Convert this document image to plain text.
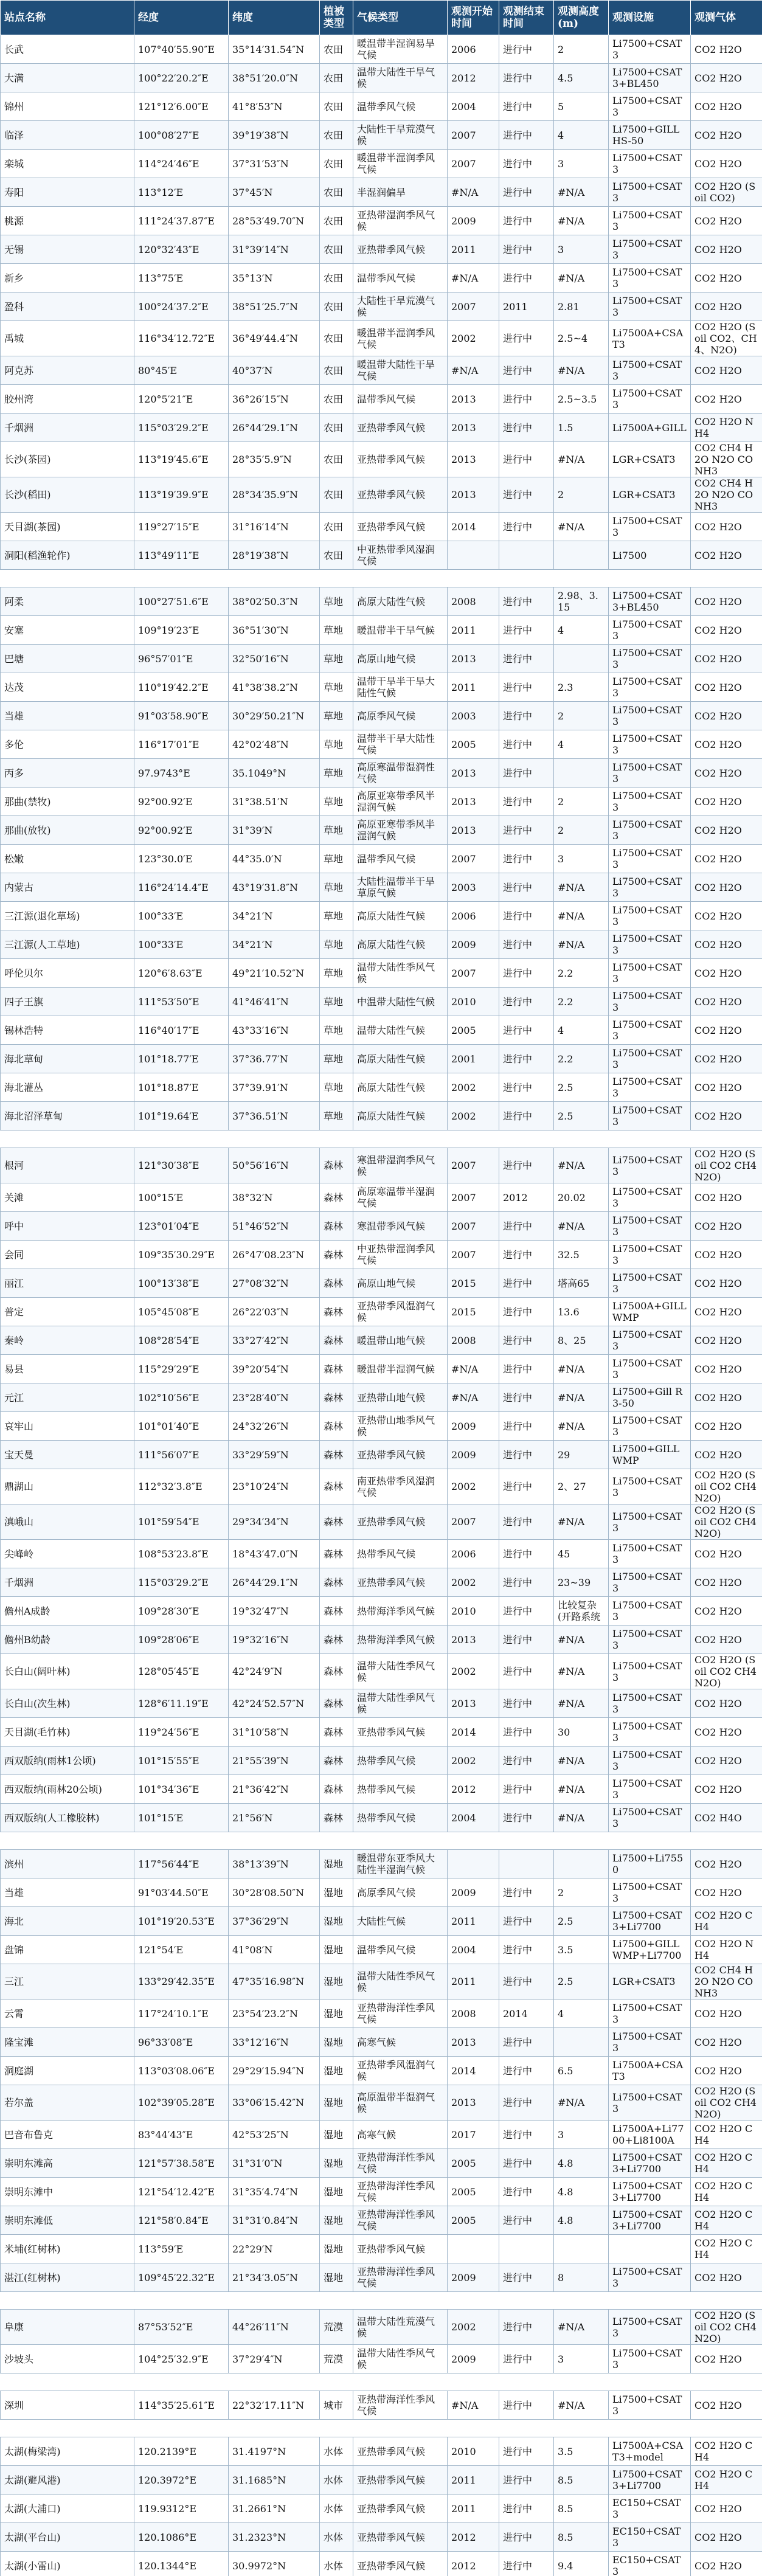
站点名称	经度	纬度	植被类型	气候类型	观测开始时间	观测结束时间	观测高度(m)	观测设施	观测气体
长武	107°40′55.90″E	35°14′31.54″N	农田	暖温带半湿润易旱气候	2006	进行中	2	Li7500+CSAT3	CO2 H2O
大满	100°22′20.2″E	38°51′20.0″N	农田	温带大陆性干旱气候	2012	进行中	4.5	Li7500+CSAT3+BL450	CO2 H2O
锦州	121°12′6.00″E	41°8′53″N	农田	温带季风气候	2004	进行中	5	Li7500+CSAT3	CO2 H2O
临泽	100°08′27″E	39°19′38″N	农田	大陆性干旱荒漠气候	2007	进行中	4	Li7500+GILL HS-50	CO2 H2O
栾城	114°24′46″E	37°31′53″N	农田	暖温带半湿润季风气候	2007	进行中	3	Li7500+CSAT3	CO2 H2O
寿阳	113°12′E	37°45′N	农田	半湿润偏旱	#N/A	进行中	#N/A	Li7500+CSAT3	CO2 H2O (Soil CO2)
桃源	111°24′37.87″E	28°53′49.70″N	农田	亚热带湿润季风气候	2009	进行中	#N/A	Li7500+CSAT3	CO2 H2O
无锡	120°32′43″E	31°39′14″N	农田	亚热带季风气候	2011	进行中	3	Li7500+CSAT3	CO2 H2O
新乡	113°75′E	35°13′N	农田	温带季风气候	#N/A	进行中	#N/A	Li7500+CSAT3	CO2 H2O
盈科	100°24′37.2″E	38°51′25.7″N	农田	大陆性干旱荒漠气候	2007	2011	2.81	Li7500+CSAT3	CO2 H2O
禹城	116°34′12.72″E	36°49′44.4″N	农田	暖温带半湿润季风气候	2002	进行中	2.5~4	Li7500A+CSAT3	CO2 H2O (Soil CO2、CH4、N2O)
阿克苏	80°45′E	40°37′N	农田	暖温带大陆性干旱气候	#N/A	进行中	#N/A	Li7500+CSAT3	CO2 H2O
胶州湾	120°5′21″E	36°26′15″N	农田	温带季风气候	2013	进行中	2.5~3.5	Li7500+CSAT3	CO2 H2O
千烟洲	115°03′29.2″E	26°44′29.1″N	农田	亚热带季风气候	2013	进行中	1.5	Li7500A+GILL	CO2 H2O NH4
长沙(茶园)	113°19′45.6″E	28°35′5.9″N	农田	亚热带季风气候	2013	进行中	#N/A	LGR+CSAT3	CO2 CH4 H2O N2O CO NH3
长沙(稻田)	113°19′39.9″E	28°34′35.9″N	农田	亚热带季风气候	2013	进行中	2	LGR+CSAT3	CO2 CH4 H2O N2O CO NH3
天目湖(茶园)	119°27′15″E	31°16′14″N	农田	亚热带季风气候	2014	进行中	#N/A	Li7500+CSAT3	CO2 H2O
洞阳(稻渔轮作)	113°49′11″E	28°19′38″N	农田	中亚热带季风湿润气候				Li7500	CO2 H2O

阿柔	100°27′51.6″E	38°02′50.3″N	草地	高原大陆性气候	2008	进行中	2.98、3.15	Li7500+CSAT3+BL450	CO2 H2O
安塞	109°19′23″E	36°51′30″N	草地	暖温带半干旱气候	2011	进行中	4	Li7500+CSAT3	CO2 H2O
巴塘	96°57′01″E	32°50′16″N	草地	高原山地气候	2013	进行中		Li7500+CSAT3	CO2 H2O
达茂	110°19′42.2″E	41°38′38.2″N	草地	温带干旱半干旱大陆性气候	2011	进行中	2.3	Li7500+CSAT3	CO2 H2O
当雄	91°03′58.90″E	30°29′50.21″N	草地	高原季风气候	2003	进行中	2	Li7500+CSAT3	CO2 H2O
多伦	116°17′01″E	42°02′48″N	草地	温带半干旱大陆性气候	2005	进行中	4	Li7500+CSAT3	CO2 H2O
丙多	97.9743°E	35.1049°N	草地	高原寒温带湿润性气候	2013	进行中		Li7500+CSAT3	CO2 H2O
那曲(禁牧)	92°00.92′E	31°38.51′N	草地	高原亚寒带季风半湿润气候	2013	进行中	2	Li7500+CSAT3	CO2 H2O
那曲(放牧)	92°00.92′E	31°39′N	草地	高原亚寒带季风半湿润气候	2013	进行中	2	Li7500+CSAT3	CO2 H2O
松嫩	123°30.0′E	44°35.0′N	草地	温带季风气候	2007	进行中	3	Li7500+CSAT3	CO2 H2O
内蒙古	116°24′14.4″E	43°19′31.8″N	草地	大陆性温带半干旱草原气候	2003	进行中	#N/A	Li7500+CSAT3	CO2 H2O
三江源(退化草场)	100°33′E	34°21′N	草地	高原大陆性气候	2006	进行中	#N/A	Li7500+CSAT3	CO2 H2O
三江源(人工草地)	100°33′E	34°21′N	草地	高原大陆性气候	2009	进行中	#N/A	Li7500+CSAT3	CO2 H2O
呼伦贝尔	120°6′8.63″E	49°21′10.52″N	草地	温带大陆性季风气候	2007	进行中	2.2	Li7500+CSAT3	CO2 H2O
四子王旗	111°53′50″E	41°46′41″N	草地	中温带大陆性气候	2010	进行中	2.2	Li7500+CSAT3	CO2 H2O
锡林浩特	116°40′17″E	43°33′16″N	草地	温带大陆性气候	2005	进行中	4	Li7500+CSAT3	CO2 H2O
海北草甸	101°18.77′E	37°36.77′N	草地	高原大陆性气候	2001	进行中	2.2	Li7500+CSAT3	CO2 H2O
海北灌丛	101°18.87′E	37°39.91′N	草地	高原大陆性气候	2002	进行中	2.5	Li7500+CSAT3	CO2 H2O
海北沼泽草甸	101°19.64′E	37°36.51′N	草地	高原大陆性气候	2002	进行中	2.5	Li7500+CSAT3	CO2 H2O

根河	121°30′38″E	50°56′16″N	森林	寒温带湿润季风气候	2007	进行中	#N/A	Li7500+CSAT3	CO2 H2O (Soil CO2 CH4 N2O)
关滩	100°15′E	38°32′N	森林	高原寒温带半湿润气候	2007	2012	20.02	Li7500+CSAT3	CO2 H2O
呼中	123°01′04″E	51°46′52″N	森林	寒温带季风气候	2007	进行中	#N/A	Li7500+CSAT3	CO2 H2O
会同	109°35′30.29″E	26°47′08.23″N	森林	中亚热带湿润季风气候	2007	进行中	32.5	Li7500+CSAT3	CO2 H2O
丽江	100°13′38″E	27°08′32″N	森林	高原山地气候	2015	进行中	塔高65	Li7500+CSAT3	CO2 H2O
普定	105°45′08″E	26°22′03″N	森林	亚热带季风湿润气候	2015	进行中	13.6	Li7500A+GILL WMP	CO2 H2O
秦岭	108°28′54″E	33°27′42″N	森林	暖温带山地气候	2008	进行中	8、25	Li7500+CSAT3	CO2 H2O
易县	115°29′29″E	39°20′54″N	森林	暖温带半湿润气候	#N/A	进行中	#N/A	Li7500+CSAT3	CO2 H2O
元江	102°10′56″E	23°28′40″N	森林	亚热带山地气候	#N/A	进行中	#N/A	Li7500+Gill R3-50	CO2 H2O
哀牢山	101°01′40″E	24°32′26″N	森林	亚热带山地季风气候	2009	进行中	#N/A	Li7500+CSAT3	CO2 H2O
宝天曼	111°56′07″E	33°29′59″N	森林	亚热带季风气候	2009	进行中	29	Li7500+GILL WMP	CO2 H2O
鼎湖山	112°32′3.8″E	23°10′24″N	森林	南亚热带季风湿润气候	2002	进行中	2、27	Li7500+CSAT3	CO2 H2O (Soil CO2 CH4 N2O)
滇峨山	101°59′54″E	29°34′34″N	森林	亚热带季风气候	2007	进行中	#N/A	Li7500+CSAT3	CO2 H2O (Soil CO2 CH4 N2O)
尖峰岭	108°53′23.8″E	18°43′47.0″N	森林	热带季风气候	2006	进行中	45	Li7500+CSAT3	CO2 H2O
千烟洲	115°03′29.2″E	26°44′29.1″N	森林	亚热带季风气候	2002	进行中	23~39	Li7500+CSAT3	CO2 H2O
儋州A成龄	109°28′30″E	19°32′47″N	森林	热带海洋季风气候	2010	进行中	比较复杂(开路系统	Li7500+CSAT3	CO2 H2O
儋州B幼龄	109°28′06″E	19°32′16″N	森林	热带海洋季风气候	2013	进行中	#N/A	Li7500+CSAT3	CO2 H2O
长白山(阔叶林)	128°05′45″E	42°24′9″N	森林	温带大陆性季风气候	2002	进行中	#N/A	Li7500+CSAT3	CO2 H2O (Soil CO2 CH4 N2O)
长白山(次生林)	128°6′11.19″E	42°24′52.57″N	森林	温带大陆性季风气候	2013	进行中	#N/A	Li7500+CSAT3	CO2 H2O
天目湖(毛竹林)	119°24′56″E	31°10′58″N	森林	亚热带季风气候	2014	进行中	30	Li7500+CSAT3	CO2 H2O
西双版纳(雨林1公顷)	101°15′55″E	21°55′39″N	森林	热带季风气候	2002	进行中	#N/A	Li7500+CSAT3	CO2 H2O
西双版纳(雨林20公顷)	101°34′36″E	21°36′42″N	森林	热带季风气候	2012	进行中	#N/A	Li7500+CSAT3	CO2 H2O
西双版纳(人工橡胶林)	101°15′E	21°56′N	森林	热带季风气候	2004	进行中	#N/A	Li7500+CSAT3	CO2 H4O

滨州	117°56′44″E	38°13′39″N	湿地	暖温带东亚季风大陆性半湿润气候				Li7500+Li7550	CO2 H2O
当雄	91°03′44.50″E	30°28′08.50″N	湿地	高原季风气候	2009	进行中	2	Li7500+CSAT3	CO2 H2O
海北	101°19′20.53″E	37°36′29″N	湿地	大陆性气候	2011	进行中	2.5	Li7500+CSAT3+Li7700	CO2 H2O CH4
盘锦	121°54′E	41°08′N	湿地	温带季风气候	2004	进行中	3.5	Li7500+GILL WMP+Li7700	CO2 H2O NH4
三江	133°29′42.35″E	47°35′16.98″N	湿地	温带大陆性季风气候	2011	进行中	2.5	LGR+CSAT3	CO2 CH4 H2O N2O CO NH3
云霄	117°24′10.1″E	23°54′23.2″N	湿地	亚热带海洋性季风气候	2008	2014	4	Li7500+CSAT3	CO2 H2O
隆宝滩	96°33′08″E	33°12′16″N	湿地	高寒气候	2013	进行中		Li7500+CSAT3	CO2 H2O
洞庭湖	113°03′08.06″E	29°29′15.94″N	湿地	亚热带季风湿润气候	2014	进行中	6.5	Li7500A+CSAT3	CO2 H2O
若尔盖	102°39′05.28″E	33°06′15.42″N	湿地	高原温带半湿润气候	2013	进行中	#N/A	Li7500+CSAT3	CO2 H2O (Soil CO2 CH4 N2O)
巴音布鲁克	83°44′43″E	42°53′25″N	湿地	高寒气候	2017	进行中	3	Li7500A+Li7700+Li8100A	CO2 H2O CH4
崇明东滩高	121°57′38.58″E	31°31′0″N	湿地	亚热带海洋性季风气候	2005	进行中	4.8	Li7500+CSAT3+Li7700	CO2 H2O CH4
崇明东滩中	121°54′12.42″E	31°35′4.74″N	湿地	亚热带海洋性季风气候	2005	进行中	4.8	Li7500+CSAT3+Li7700	CO2 H2O CH4
崇明东滩低	121°58′0.84″E	31°31′0.84″N	湿地	亚热带海洋性季风气候	2005	进行中	4.8	Li7500+CSAT3+Li7700	CO2 H2O CH4
米埔(红树林)	113°59′E	22°29′N	湿地	亚热带季风气候					CO2 H2O CH4
湛江(红树林)	109°45′22.32″E	21°34′3.05″N	湿地	亚热带海洋性季风气候	2009	进行中	8	Li7500+CSAT3	CO2 H2O

阜康	87°53′52″E	44°26′11″N	荒漠	温带大陆性荒漠气候	2002	进行中	#N/A	Li7500+CSAT3	CO2 H2O (Soil CO2 CH4 N2O)
沙坡头	104°25′32.9″E	37°29′4″N	荒漠	温带大陆性季风气候	2009	进行中	3	Li7500+CSAT3	CO2 H2O

深圳	114°35′25.61″E	22°32′17.11″N	城市	亚热带海洋性季风气候	#N/A	进行中	#N/A	Li7500+CSAT3	CO2 H2O

太湖(梅梁湾)	120.2139°E	31.4197°N	水体	亚热带季风气候	2010	进行中	3.5	Li7500A+CSAT3+model	CO2 H2O CH4
太湖(避风港)	120.3972°E	31.1685°N	水体	亚热带季风气候	2011	进行中	8.5	Li7500+CSAT3+Li7700	CO2 H2O CH4
太湖(大浦口)	119.9312°E	31.2661°N	水体	亚热带季风气候	2011	进行中	8.5	EC150+CSAT3	CO2 H2O
太湖(平台山)	120.1086°E	31.2323°N	水体	亚热带季风气候	2012	进行中	8.5	EC150+CSAT3	CO2 H2O
太湖(小雷山)	120.1344°E	30.9972°N	水体	亚热带季风气候	2012	进行中	9.4	EC150+CSAT3	CO2 H2O
